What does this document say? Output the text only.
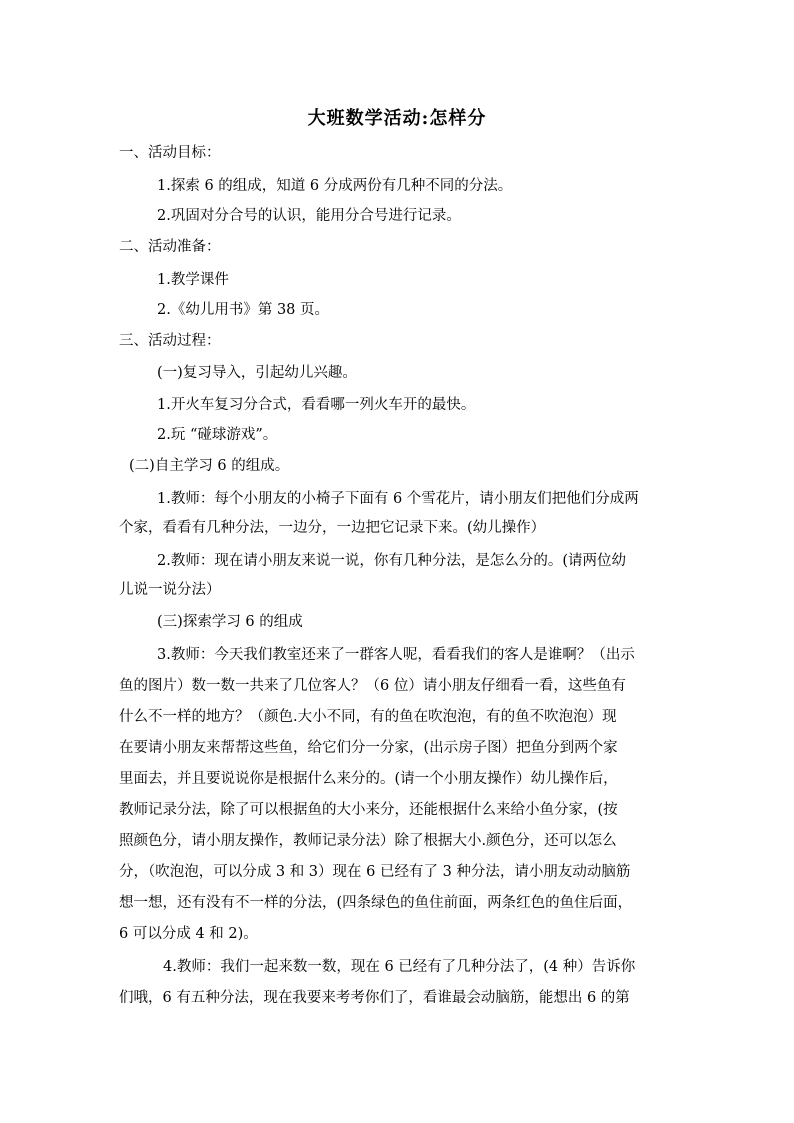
大班数学活动:怎样分
一、活动目标：
1.探索 6 的组成，知道 6 分成两份有几种不同的分法。
2.巩固对分合号的认识，能用分合号进行记录。
二、活动准备：
1.教学课件
2.《幼儿用书》第 38 页。
三、活动过程：
(一)复习导入，引起幼儿兴趣。
1.开火车复习分合式，看看哪一列火车开的最快。
2.玩 “碰球游戏”。
(二)自主学习 6 的组成。
1.教师：每个小朋友的小椅子下面有 6 个雪花片，请小朋友们把他们分成两
个家，看看有几种分法，一边分，一边把它记录下来。(幼儿操作）
2.教师：现在请小朋友来说一说，你有几种分法，是怎么分的。(请两位幼
儿说一说分法）
(三)探索学习 6 的组成
3.教师：今天我们教室还来了一群客人呢，看看我们的客人是谁啊？（出示
鱼的图片）数一数一共来了几位客人？（6 位）请小朋友仔细看一看，这些鱼有
什么不一样的地方？（颜色.大小不同，有的鱼在吹泡泡，有的鱼不吹泡泡）现
在要请小朋友来帮帮这些鱼，给它们分一分家，(出示房子图）把鱼分到两个家
里面去，并且要说说你是根据什么来分的。(请一个小朋友操作）幼儿操作后，
教师记录分法，除了可以根据鱼的大小来分，还能根据什么来给小鱼分家，(按
照颜色分，请小朋友操作，教师记录分法）除了根据大小.颜色分，还可以怎么
分，（吹泡泡，可以分成 3 和 3）现在 6 已经有了 3 种分法，请小朋友动动脑筋
想一想，还有没有不一样的分法，(四条绿色的鱼住前面，两条红色的鱼住后面，
6 可以分成 4 和 2)。
4.教师：我们一起来数一数，现在 6 已经有了几种分法了，(4 种）告诉你
们哦，6 有五种分法，现在我要来考考你们了，看谁最会动脑筋，能想出 6 的第
